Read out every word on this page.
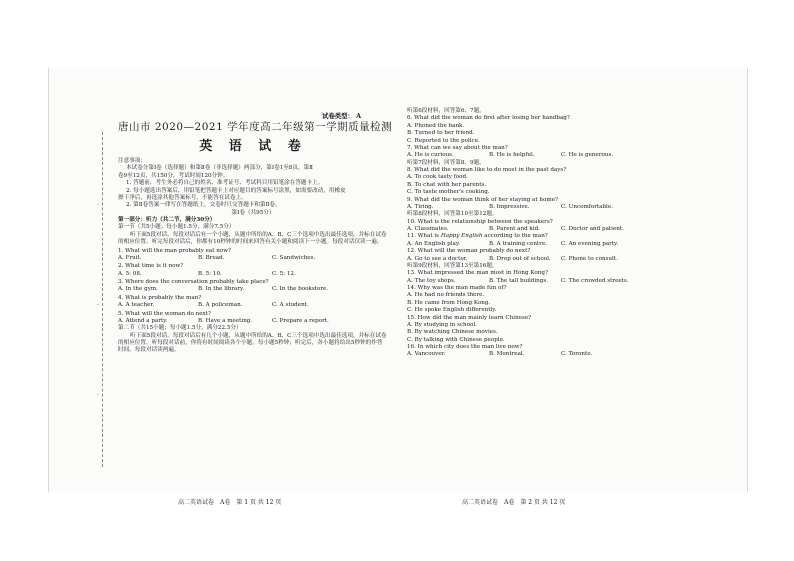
·
·
·
试卷类型： A
唐山市 2020—2021 学年度高二年级第一学期质量检测
英 语 试 卷
注意事项:
本试卷分第Ⅰ卷（选择题）和第Ⅱ卷（非选择题）两部分，第Ⅰ卷1至8页，第Ⅱ
卷9至12页，共150分，考试时间120分钟。
1. 答题前，考生务必将自己的姓名、准考证号、考试科目用铅笔涂在答题卡上。
2. 每小题选出答案后，用铅笔把答题卡上对应题目的答案标号涂黑，如需要改动，用橡皮
擦干净后，再选涂其他答案标号，不能答在试卷上。
2. 第Ⅱ卷答案一律写在答题纸上，交卷时只交答题卡和第Ⅱ卷。
第Ⅰ卷（共95分）
第一部分：听力（共二节，满分30分）
第一节（共5小题；每小题1.5分，满分7.5分）
听下面5段对话，每段对话后有一个小题，从题中所给的A、B、C三个选项中选出最佳选项，并标在试卷的相应位置。听完每段对话后，你都有10秒钟的时间来回答有关小题和阅读下一小题。每段对话仅读一遍。
1. What will the man probably eat now?
A. Fruit.	B. Bread.	C. Sandwiches.
2. What time is it now?
A. 5: 08.	B. 5: 10.	C. 5: 12.
3. Where does the conversation probably take place?
A. In the gym.	B. In the library.	C. In the bookstore.
4. What is probably the man?
A. A teacher.	B. A policeman.	C. A student.
5. What will the woman do next?
A. Attend a party.	B. Have a meeting.	C. Prepare a report.
第二节（共15小题；每小题1.5分，满分22.5分）
听下面5段对话。每段对话后有几个小题，从题中所给的A、B、C三个选项中选出最佳选项，并标在试卷的相应位置。听每段对话前，你将有时间阅读各个小题，每小题5秒钟；听完后，各小题将给出5秒钟的作答时间。每段对话读两遍。
高二英语试卷　A卷　第 1 页 共 12 页
听第6段材料，回答第6、7题。
6. What did the woman do first after losing her handbag?
A. Phoned the bank.
B. Turned to her friend.
C. Reported to the police.
7. What can we say about the man?
A. He is curious.	B. He is helpful.	C. He is generous.
听第7段材料，回答第8、9题。
8. What did the woman like to do most in the past days?
A. To cook tasty food.
B. To chat with her parents.
C. To taste mother's cooking.
9. What did the woman think of her staying at home?
A. Tiring.	B. Impressive.	C. Uncomfortable.
听第8段材料，回答第10至第12题。
10. What is the relationship between the speakers?
A. Classmates.	B. Parent and kid.	C. Doctor and patient.
11. What is Happy English according to the man?
A. An English play.	B. A training centre.	C. An evening party.
12. What will the woman probably do next?
A. Go to see a doctor.	B. Drop out of school.	C. Phone to consult.
听第9段材料，回答第13至第16题。
13. What impressed the man most in Hong Kong?
A. The toy shops.	B. The tall buildings.	C. The crowded streets.
14. Why was the man made fun of?
A. He had no friends there.
B. He came from Hong Kong.
C. He spoke English differently.
15. How did the man mainly learn Chinese?
A. By studying in school.
B. By watching Chinese movies.
C. By talking with Chinese people.
16. In which city does the man live now?
A. Vancouver.	B. Montreal.	C. Toronto.
高二英语试卷　A卷　第 2 页 共 12 页
